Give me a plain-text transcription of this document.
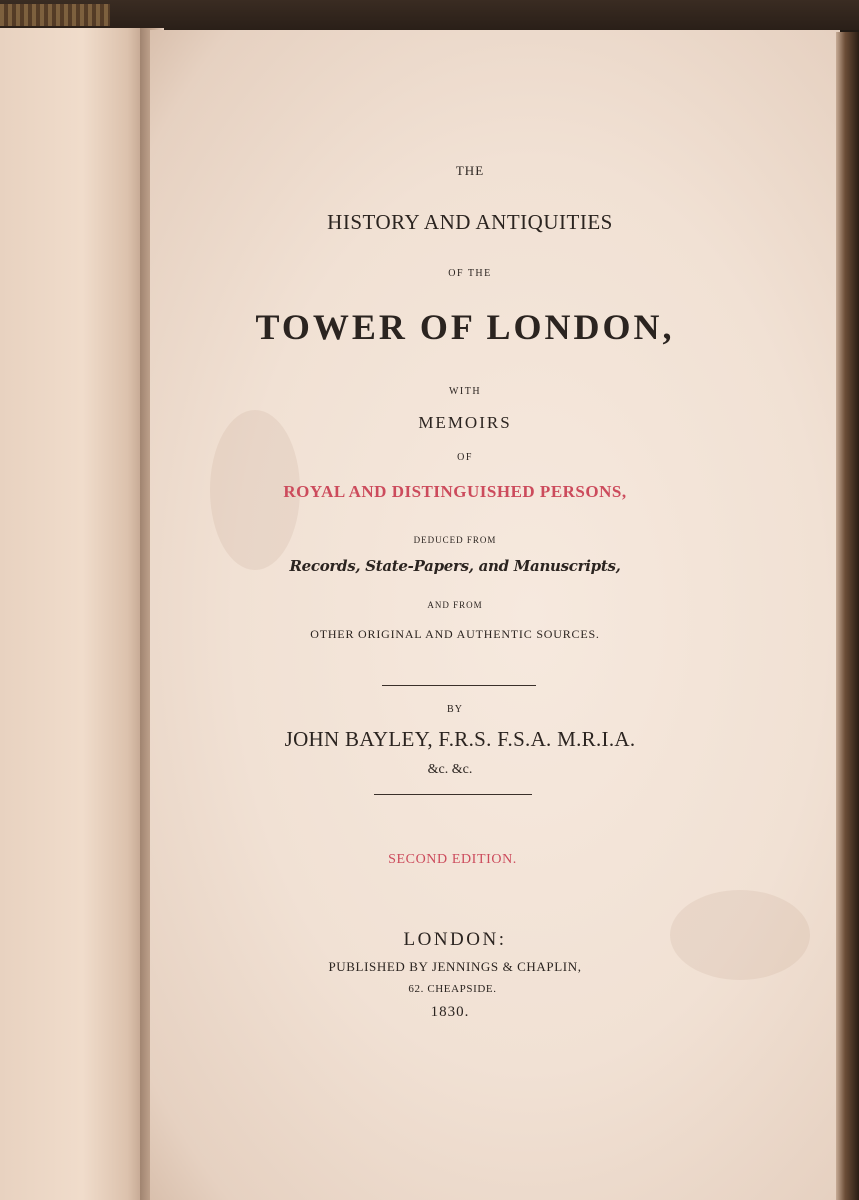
THE
HISTORY AND ANTIQUITIES
OF THE
TOWER OF LONDON,
WITH
MEMOIRS
OF
ROYAL AND DISTINGUISHED PERSONS,
DEDUCED FROM
Records, State-Papers, and Manuscripts,
AND FROM
OTHER ORIGINAL AND AUTHENTIC SOURCES.
BY
JOHN BAYLEY, F.R.S. F.S.A. M.R.I.A.
&c. &c.
SECOND EDITION.
LONDON:
PUBLISHED BY JENNINGS & CHAPLIN,
62. CHEAPSIDE.
1830.
